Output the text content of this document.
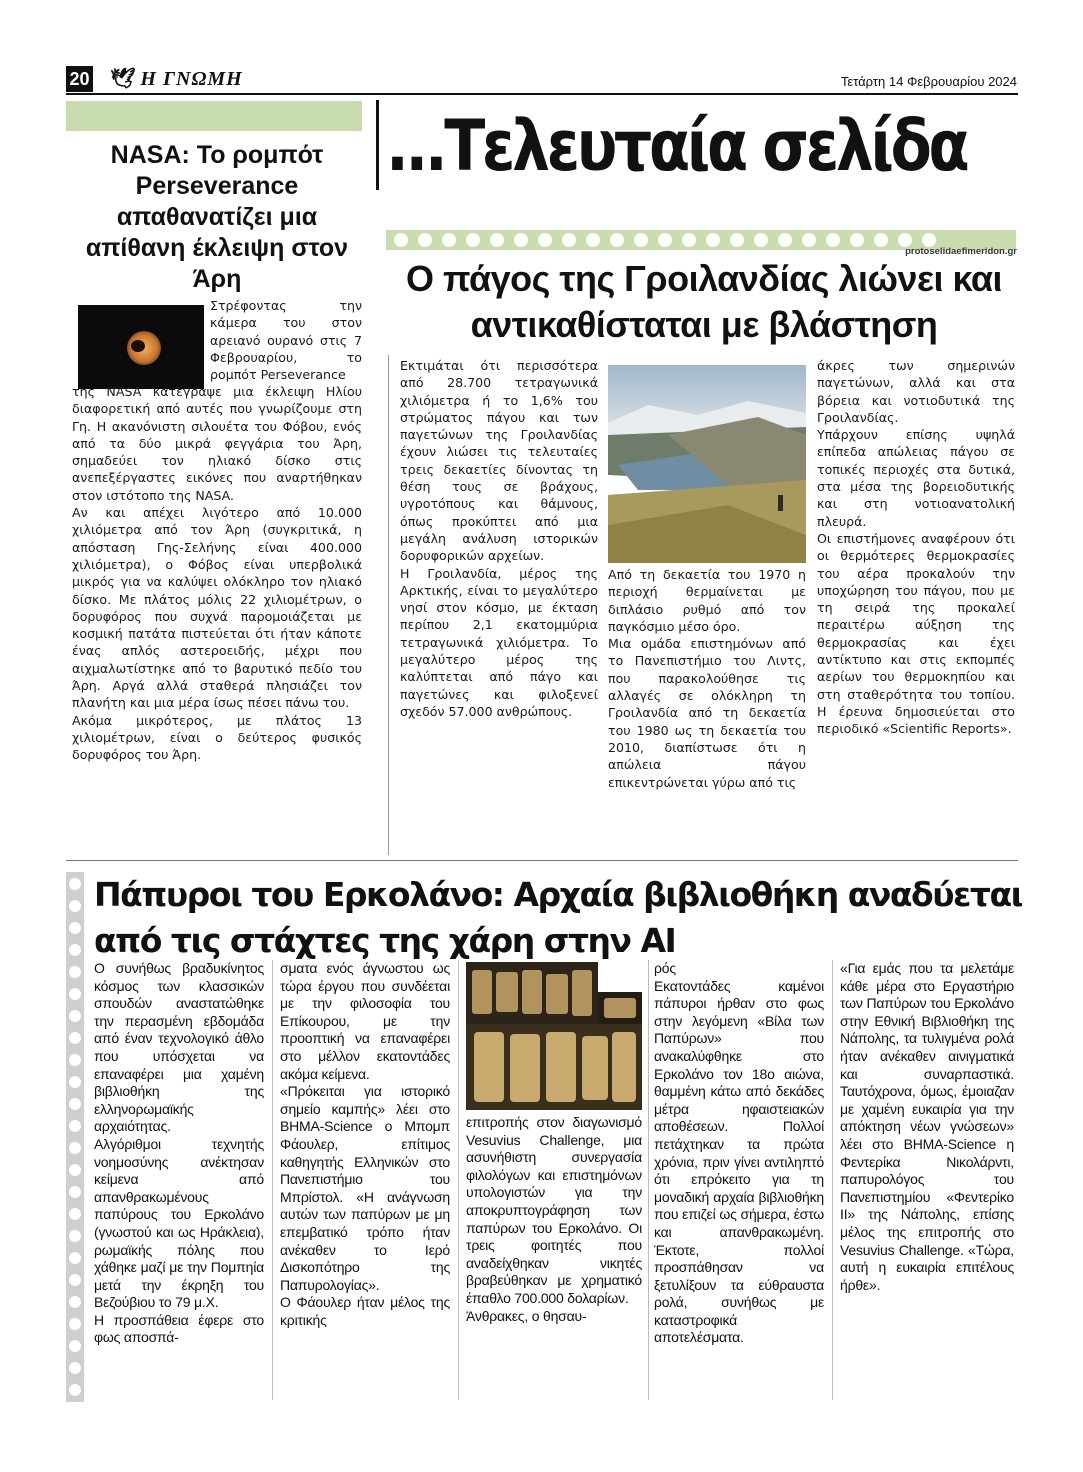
20 🕊︎ Η ΓΝΩΜΗ	Τετάρτη 14 Φεβρουαρίου 2024
...Τελευταία σελίδα
protoselidaefimeridon.gr
NASA: Το ρομπότ Perseverance απαθανατίζει μια απίθανη έκλειψη στον Άρη

Στρέφοντας την κάμερα του στον αρειανό ουρανό στις 7 Φεβρουαρίου, το ρομπότ Perseverance

της NASA κατέγραψε μια έκλειψη Ηλίου διαφορετική από αυτές που γνωρίζουμε στη Γη. Η ακανόνιστη σιλουέτα του Φόβου, ενός από τα δύο μικρά φεγγάρια του Άρη, σημαδεύει τον ηλιακό δίσκο στις ανεπεξέργαστες εικόνες που αναρτήθηκαν στον ιστότοπο της NASA.

Αν και απέχει λιγότερο από 10.000 χιλιόμετρα από τον Άρη (συγκριτικά, η απόσταση Γης-Σελήνης είναι 400.000 χιλιόμετρα), ο Φόβος είναι υπερβολικά μικρός για να καλύψει ολόκληρο τον ηλιακό δίσκο. Με πλάτος μόλις 22 χιλιομέτρων, ο δορυφόρος που συχνά παρομοιάζεται με κοσμική πατάτα πιστεύεται ότι ήταν κάποτε ένας απλός αστεροειδής, μέχρι που αιχμαλωτίστηκε από το βαρυτικό πεδίο του Άρη. Αργά αλλά σταθερά πλησιάζει τον πλανήτη και μια μέρα ίσως πέσει πάνω του.

Ακόμα μικρότερος, με πλάτος 13 χιλιομέτρων, είναι ο δεύτερος φυσικός δορυφόρος του Άρη.

Ο πάγος της Γροιλανδίας λιώνει και αντικαθίσταται με βλάστηση

Εκτιμάται ότι περισσότερα από 28.700 τετραγωνικά χιλιόμετρα ή το 1,6% του στρώματος πάγου και των παγετώνων της Γροιλανδίας έχουν λιώσει τις τελευταίες τρεις δεκαετίες δίνοντας τη θέση τους σε βράχους, υγροτόπους και θάμνους, όπως προκύπτει από μια μεγάλη ανάλυση ιστορικών δορυφορικών αρχείων.

Η Γροιλανδία, μέρος της Αρκτικής, είναι το μεγαλύτερο νησί στον κόσμο, με έκταση περίπου 2,1 εκατομμύρια τετραγωνικά χιλιόμετρα. Το μεγαλύτερο μέρος της καλύπτεται από πάγο και παγετώνες και φιλοξενεί σχεδόν 57.000 ανθρώπους.

Από τη δεκαετία του 1970 η περιοχή θερμαίνεται με διπλάσιο ρυθμό από τον παγκόσμιο μέσο όρο.

Μια ομάδα επιστημόνων από το Πανεπιστήμιο του Λιντς, που παρακολούθησε τις αλλαγές σε ολόκληρη τη Γροιλανδία από τη δεκαετία του 1980 ως τη δεκαετία του 2010, διαπίστωσε ότι η απώλεια πάγου επικεντρώνεται γύρω από τις

άκρες των σημερινών παγετώνων, αλλά και στα βόρεια και νοτιοδυτικά της Γροιλανδίας.

Υπάρχουν επίσης υψηλά επίπεδα απώλειας πάγου σε τοπικές περιοχές στα δυτικά, στα μέσα της βορειοδυτικής και στη νοτιοανατολική πλευρά.

Οι επιστήμονες αναφέρουν ότι οι θερμότερες θερμοκρασίες του αέρα προκαλούν την υποχώρηση του πάγου, που με τη σειρά της προκαλεί περαιτέρω αύξηση της θερμοκρασίας και έχει αντίκτυπο και στις εκπομπές αερίων του θερμοκηπίου και στη σταθερότητα του τοπίου. Η έρευνα δημοσιεύεται στο περιοδικό «Scientific Reports».

Πάπυροι του Ερκολάνο: Αρχαία βιβλιοθήκη αναδύεται από τις στάχτες της χάρη στην AI

Ο συνήθως βραδυκίνητος κόσμος των κλασσικών σπουδών αναστατώθηκε την περασμένη εβδομάδα από έναν τεχνολογικό άθλο που υπόσχεται να επαναφέρει μια χαμένη βιβλιοθήκη της ελληνορωμαϊκής αρχαιότητας.

Αλγόριθμοι τεχνητής νοημοσύνης ανέκτησαν κείμενα από απανθρακωμένους παπύρους του Ερκολάνο (γνωστού και ως Ηράκλεια), ρωμαϊκής πόλης που χάθηκε μαζί με την Πομπηία μετά την έκρηξη του Βεζούβιου το 79 μ.Χ.

Η προσπάθεια έφερε στο φως αποσπά-

σματα ενός άγνωστου ως τώρα έργου που συνδέεται με την φιλοσοφία του Επίκουρου, με την προοπτική να επαναφέρει στο μέλλον εκατοντάδες ακόμα κείμενα.

«Πρόκειται για ιστορικό σημείο καμπής» λέει στο ΒΗΜΑ-Science ο Μπομπ Φάουλερ, επίτιμος καθηγητής Ελληνικών στο Πανεπιστήμιο του Μπρίστολ. «Η ανάγνωση αυτών των παπύρων με μη επεμβατικό τρόπο ήταν ανέκαθεν το Ιερό Δισκοπότηρο της Παπυρολογίας».

Ο Φάουλερ ήταν μέλος της κριτικής

επιτροπής στον διαγωνισμό Vesuvius Challenge, μια ασυνήθιστη συνεργασία φιλολόγων και επιστημόνων υπολογιστών για την αποκρυπτογράφηση των παπύρων του Ερκολάνο. Οι τρεις φοιτητές που αναδείχθηκαν νικητές βραβεύθηκαν με χρηματικό έπαθλο 700.000 δολαρίων.

Άνθρακες, ο θησαυ-

ρός

Εκατοντάδες καμένοι πάπυροι ήρθαν στο φως στην λεγόμενη «Βίλα των Παπύρων» που ανακαλύφθηκε στο Ερκολάνο τον 18ο αιώνα, θαμμένη κάτω από δεκάδες μέτρα ηφαιστειακών αποθέσεων. Πολλοί πετάχτηκαν τα πρώτα χρόνια, πριν γίνει αντιληπτό ότι επρόκειτο για τη μοναδική αρχαία βιβλιοθήκη που επιζεί ως σήμερα, έστω και απανθρακωμένη. Έκτοτε, πολλοί προσπάθησαν να ξετυλίξουν τα εύθραυστα ρολά, συνήθως με καταστροφικά αποτελέσματα.

«Για εμάς που τα μελετάμε κάθε μέρα στο Εργαστήριο των Παπύρων του Ερκολάνο στην Εθνική Βιβλιοθήκη της Νάπολης, τα τυλιγμένα ρολά ήταν ανέκαθεν αινιγματικά και συναρπαστικά. Ταυτόχρονα, όμως, έμοιαζαν με χαμένη ευκαιρία για την απόκτηση νέων γνώσεων» λέει στο ΒΗΜΑ-Science η Φεντερίκα Νικολάρντι, παπυρολόγος του Πανεπιστημίου «Φεντερίκο ΙΙ» της Νάπολης, επίσης μέλος της επιτροπής στο Vesuvius Challenge. «Τώρα, αυτή η ευκαιρία επιτέλους ήρθε».
